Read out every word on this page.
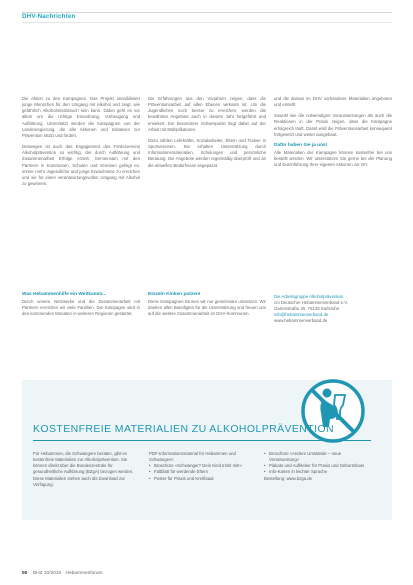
DHV-Nachrichten

Die Aktion zu den Kampagnen. Das Projekt sensibilisiert junge Menschen für den Umgang mit Alkohol und zeigt, wie gefährlich Alkoholmissbrauch sein kann. Dabei geht es vor allem um die richtige Einordnung, Vorbeugung und Aufklärung. Unterstützt werden die Kampagnen von der Landesregierung, die alle Aktionen und Initiativen zur Prävention stützt und fördert.

Deswegen ist auch das Engagement des Fördervereins Alkoholprävention so wichtig, der durch Aufklärung und Zusammenarbeit Erfolge erzielt. Gemeinsam mit den Partnern in Kommunen, Schulen und Vereinen gelingt es, immer mehr Jugendliche und junge Erwachsene zu erreichen und sie für einen verantwortungsvollen Umgang mit Alkohol zu gewinnen.

Die Erfahrungen aus den Vorjahren zeigen, dass die Präventionsarbeit auf allen Ebenen wirksam ist. Um die Jugendlichen noch besser zu erreichen, werden die bewährten Angebote auch in diesem Jahr fortgeführt und erweitert. Ein besonderer Schwerpunkt liegt dabei auf der Arbeit mit Multiplikatoren.

Dazu zählen Lehrkräfte, Sozialarbeiter, Eltern und Trainer in Sportvereinen. Sie erhalten Unterstützung durch Informationsmaterialien, Schulungen und persönliche Beratung. Die Angebote werden regelmäßig überprüft und an die aktuellen Bedürfnisse angepasst.

und die daraus im DHV vorhandene Materialien angeboten und erstellt.

Sowohl wie die notwendigen Voraussetzungen als auch die Reaktionen in der Praxis zeigen, dass die Kampagne erfolgreich läuft. Damit wird die Präventionsarbeit konsequent fortgesetzt und weiter ausgebaut.

Dafür haben Sie ja uns!

Alle Materialien der Kampagne können kostenfrei bei uns bestellt werden. Wir unterstützen Sie gerne bei der Planung und Durchführung Ihrer eigenen Aktionen vor Ort.

Was Hebammenhilfe ein Weitkamm...

Durch unsere Netzwerke und die Zusammenarbeit mit Partnern erreichen wir viele Familien. Die Kampagne wird in den kommenden Monaten in weiteren Regionen gestartet.

Einzeln Kinken putzen!

Diese Kampagnen können wir nur gemeinsam umsetzen. Wir danken allen Beteiligten für die Unterstützung und freuen uns auf die weitere Zusammenarbeit im DHV-Kommunen.

Die Arbeitsgruppe Alkoholprävention
c/o Deutscher Hebammenverband e.V.
Gartenstraße 26, 76133 Karlsruhe
info@hebammenverband.de
www.hebammenverband.de
KOSTENFREIE MATERIALIEN ZU ALKOHOLPRÄVENTION

Für Hebammen, die Schwangere beraten, gibt es kostenfreie Materialien zur Alkoholprävention. Sie können direkt über die Bundeszentrale für gesundheitliche Aufklärung (BZgA) bezogen werden. Diese Materialien stehen auch als Download zur Verfügung.

PDF-Informationsmaterial für Hebammen und Schwangere:

• Broschüre »Schwanger? Dein Kind trinkt mit!«
• Faltblatt für werdende Eltern
• Poster für Praxis und Kreißsaal
• Broschüre »Andere Umstände – neue Verantwortung«
• Plakate und Aufkleber für Praxis und Geburtshaus
• Info-Karten in leichter Sprache

Bestellung: www.bzga.de

50 DHZ 10/2015 · Hebammenforum
